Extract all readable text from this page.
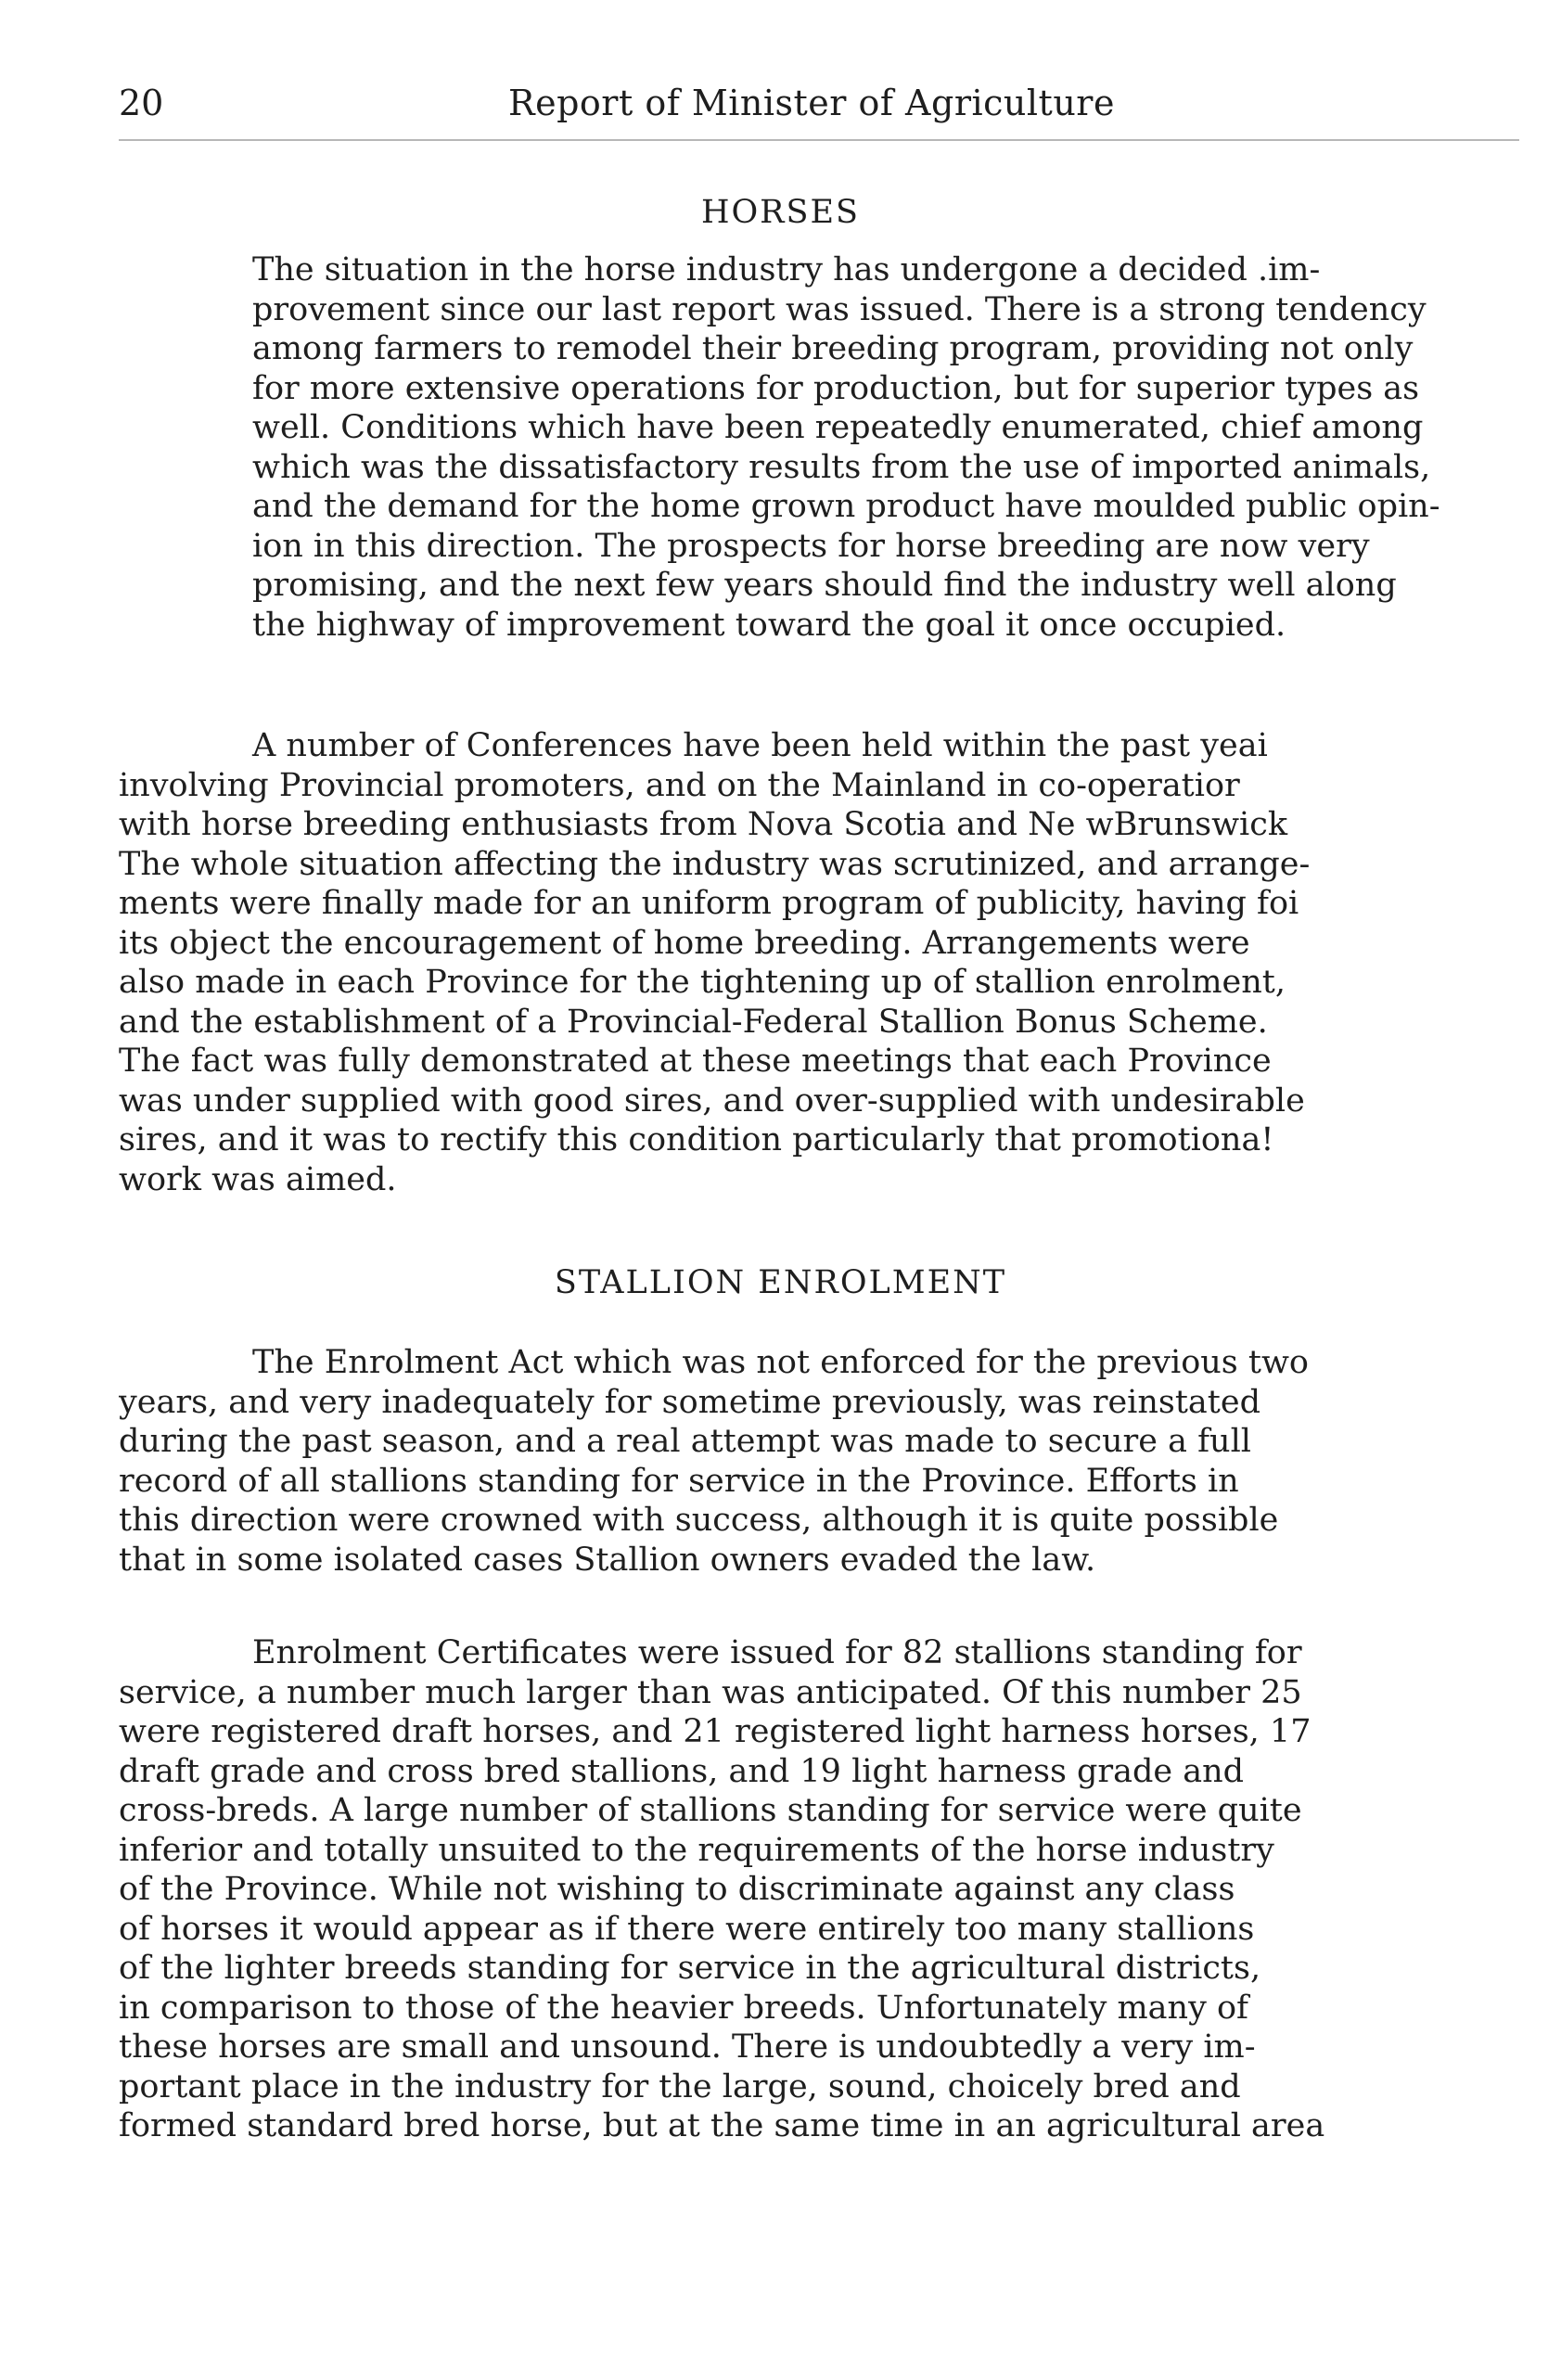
20	Report of Minister of Agriculture
HORSES

The situation in the horse industry has undergone a decided .im-
provement since our last report was issued. There is a strong tendency
among farmers to remodel their breeding program, providing not only
for more extensive operations for production, but for superior types as
well. Conditions which have been repeatedly enumerated, chief among
which was the dissatisfactory results from the use of imported animals,
and the demand for the home grown product have moulded public opin-
ion in this direction. The prospects for horse breeding are now very
promising, and the next few years should find the industry well along
the highway of improvement toward the goal it once occupied.

A number of Conferences have been held within the past yeai
involving Provincial promoters, and on the Mainland in co-operatior
with horse breeding enthusiasts from Nova Scotia and Ne wBrunswick
The whole situation affecting the industry was scrutinized, and arrange-
ments were finally made for an uniform program of publicity, having foi
its object the encouragement of home breeding. Arrangements were
also made in each Province for the tightening up of stallion enrolment,
and the establishment of a Provincial-Federal Stallion Bonus Scheme.
The fact was fully demonstrated at these meetings that each Province
was under supplied with good sires, and over-supplied with undesirable
sires, and it was to rectify this condition particularly that promotiona!
work was aimed.

STALLION ENROLMENT

The Enrolment Act which was not enforced for the previous two
years, and very inadequately for sometime previously, was reinstated
during the past season, and a real attempt was made to secure a full
record of all stallions standing for service in the Province. Efforts in
this direction were crowned with success, although it is quite possible
that in some isolated cases Stallion owners evaded the law.

Enrolment Certificates were issued for 82 stallions standing for
service, a number much larger than was anticipated. Of this number 25
were registered draft horses, and 21 registered light harness horses, 17
draft grade and cross bred stallions, and 19 light harness grade and
cross-breds. A large number of stallions standing for service were quite
inferior and totally unsuited to the requirements of the horse industry
of the Province. While not wishing to discriminate against any class
of horses it would appear as if there were entirely too many stallions
of the lighter breeds standing for service in the agricultural districts,
in comparison to those of the heavier breeds. Unfortunately many of
these horses are small and unsound. There is undoubtedly a very im-
portant place in the industry for the large, sound, choicely bred and
formed standard bred horse, but at the same time in an agricultural area
